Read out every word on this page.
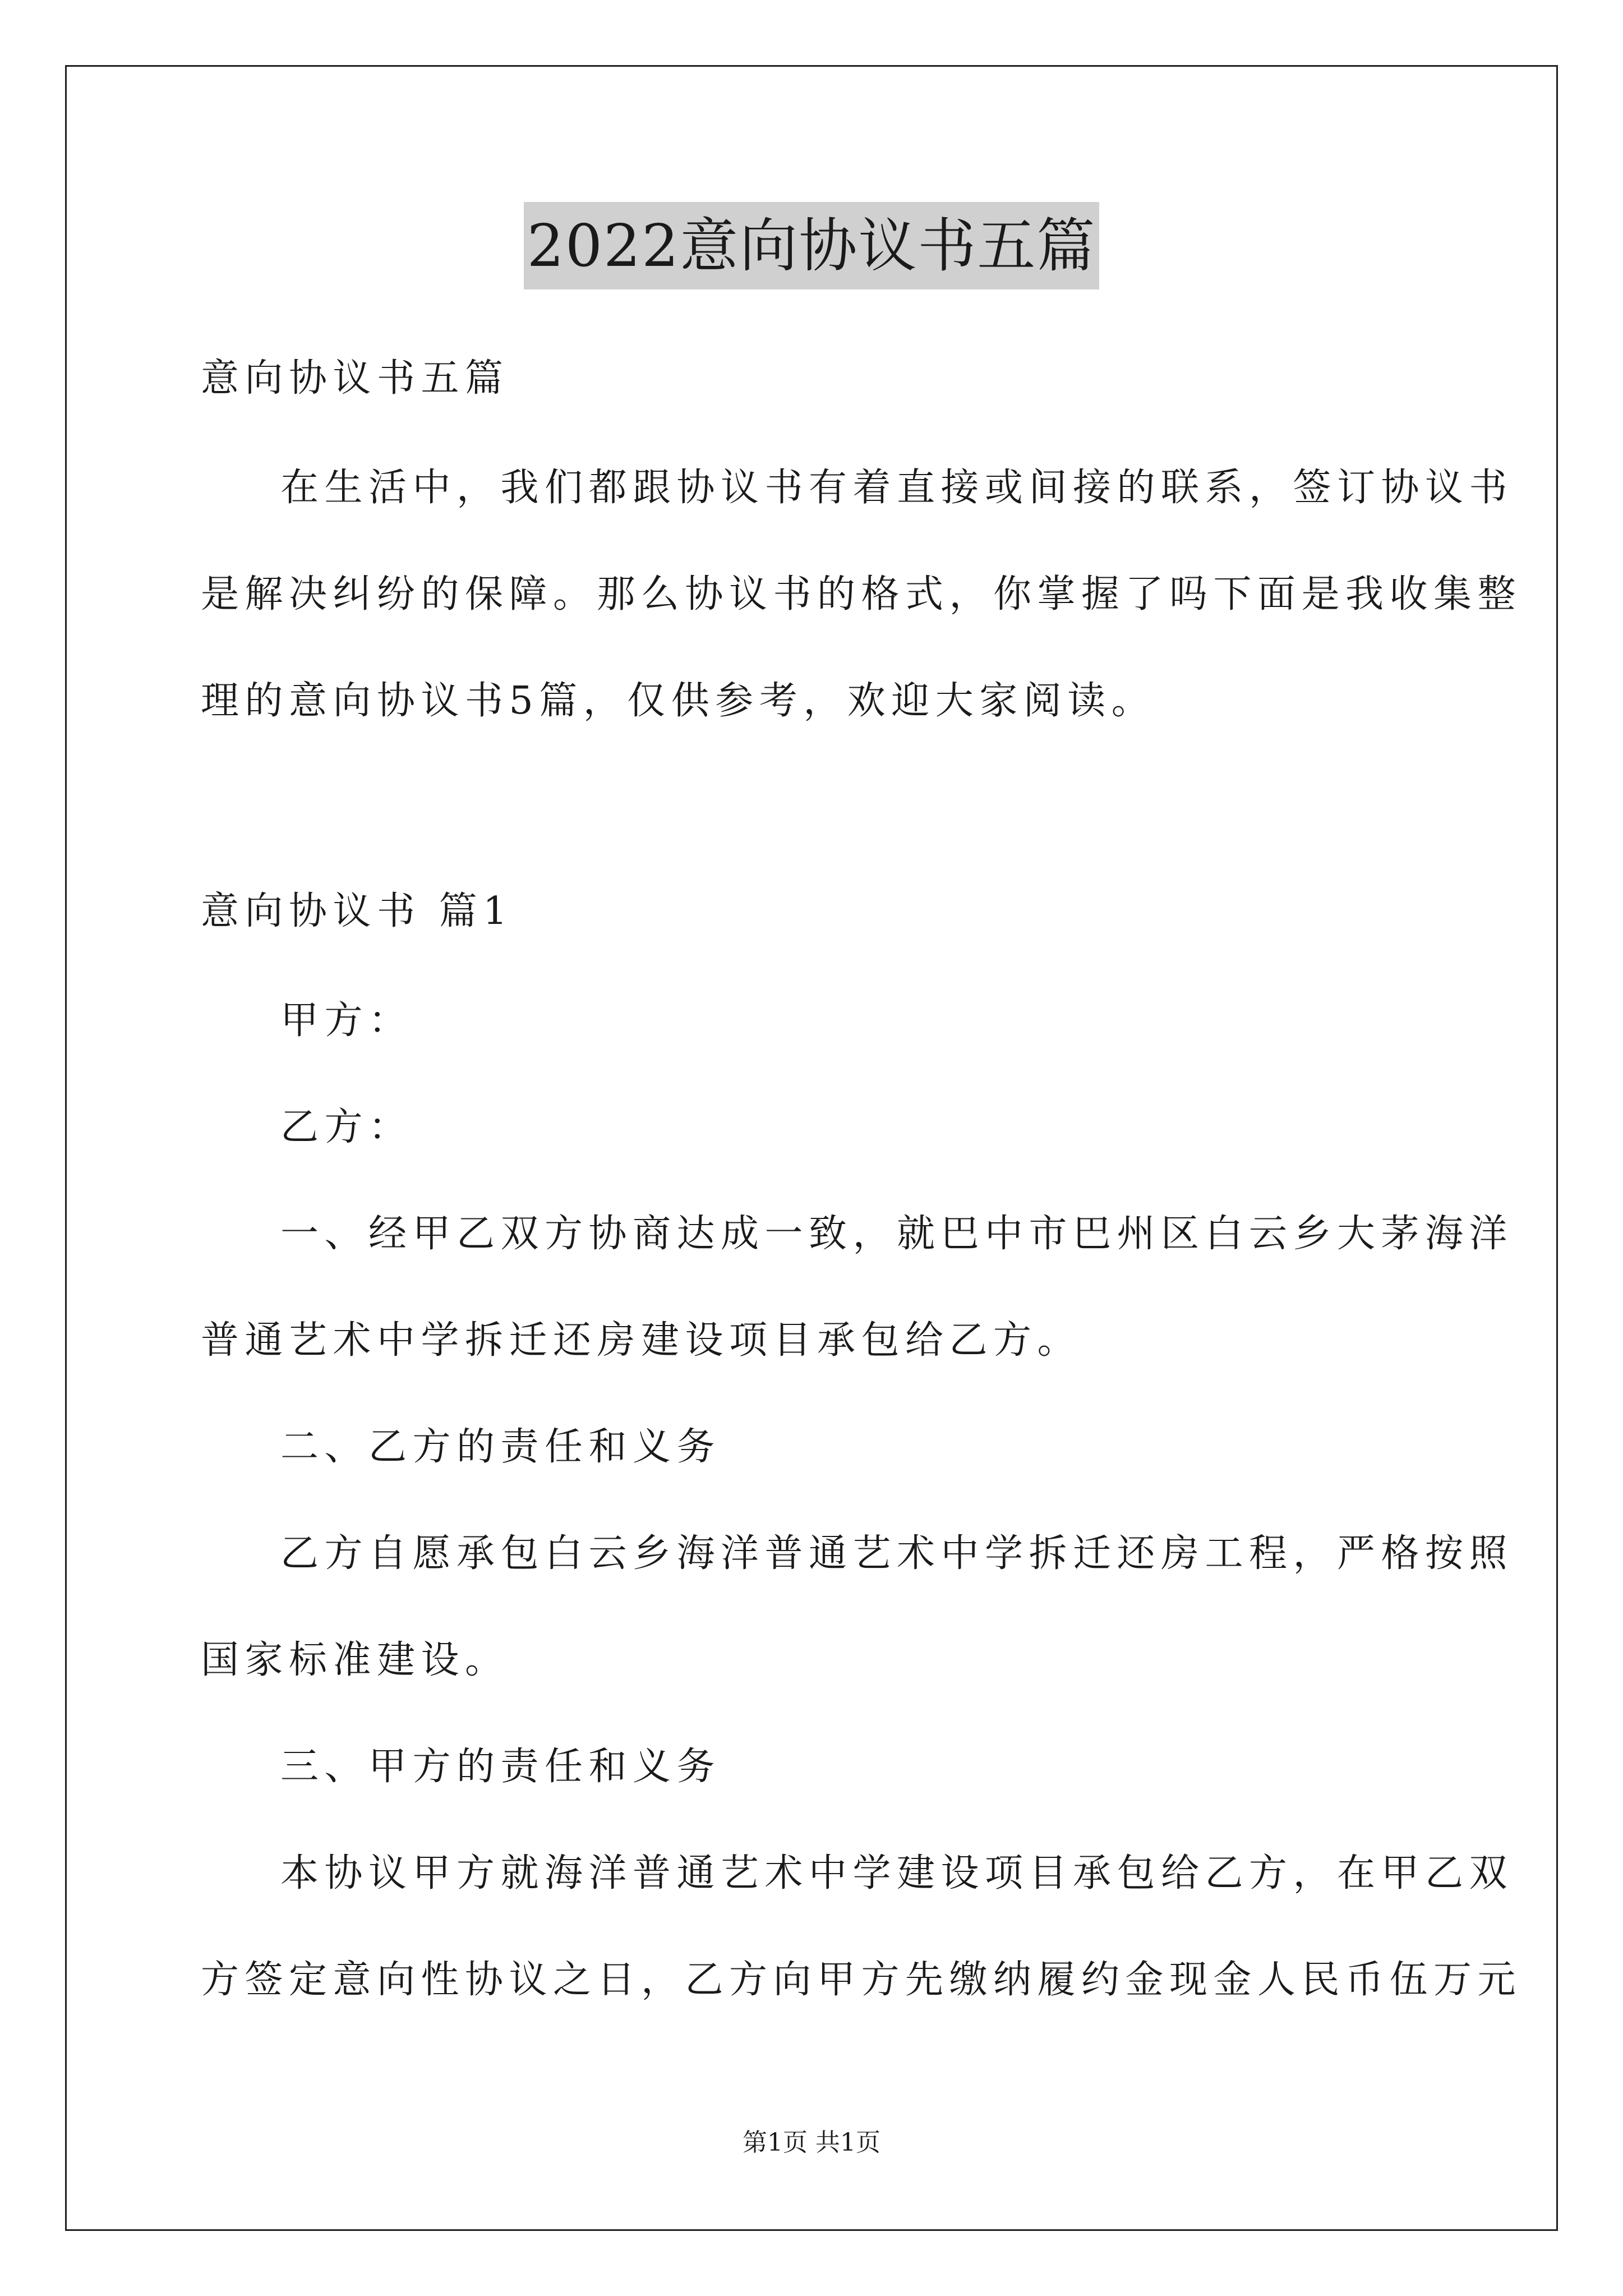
2022意向协议书五篇
意向协议书五篇
在生活中，我们都跟协议书有着直接或间接的联系，签订协议书
是解决纠纷的保障。那么协议书的格式，你掌握了吗下面是我收集整
理的意向协议书5篇，仅供参考，欢迎大家阅读。
意向协议书 篇1
甲方：
乙方：
一、经甲乙双方协商达成一致，就巴中市巴州区白云乡大茅海洋
普通艺术中学拆迁还房建设项目承包给乙方。
二、乙方的责任和义务
乙方自愿承包白云乡海洋普通艺术中学拆迁还房工程，严格按照
国家标准建设。
三、甲方的责任和义务
本协议甲方就海洋普通艺术中学建设项目承包给乙方，在甲乙双
方签定意向性协议之日，乙方向甲方先缴纳履约金现金人民币伍万元
第1页 共1页
